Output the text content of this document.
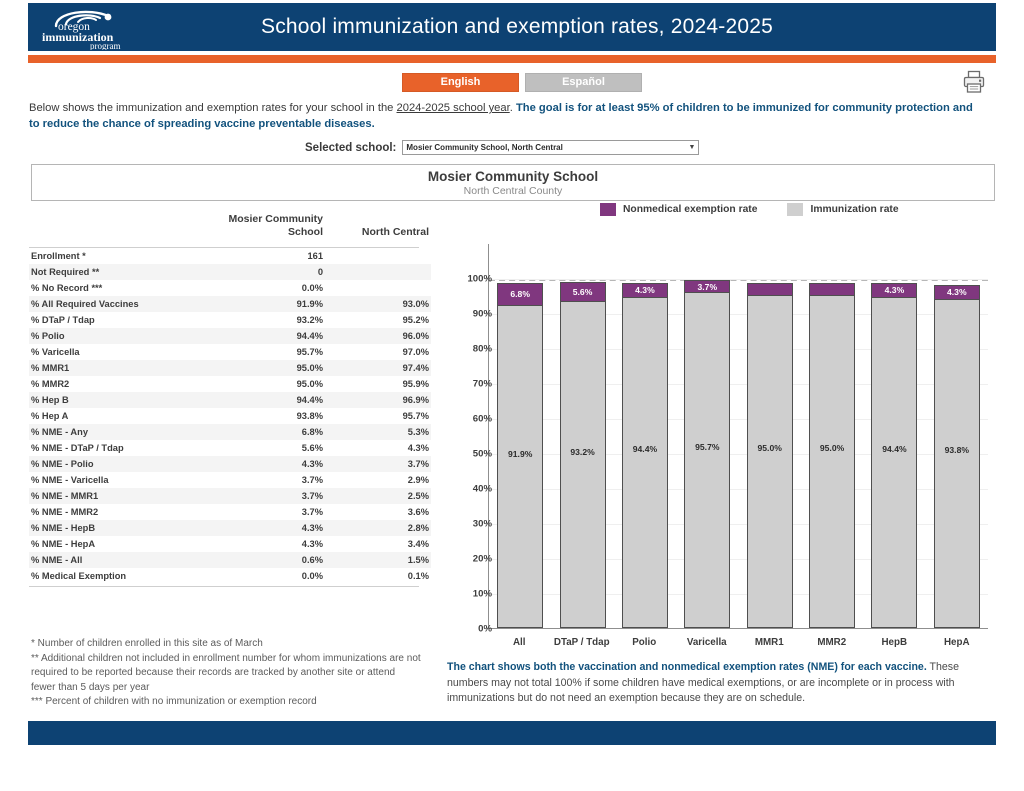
oregon
immunization
program
School immunization and exemption rates, 2024-2025
English	Español
Below shows the immunization and exemption rates for your school in the 2024-2025 school year. The goal is for at least 95% of children to be immunized for community protection and to reduce the chance of spreading vaccine preventable diseases.
Selected school: Mosier Community School, North Central	▼
Mosier Community School
North Central County
	Mosier Community School	North Central
Enrollment *	161	
Not Required **	0	
% No Record ***	0.0%	
% All Required Vaccines	91.9%	93.0%
% DTaP / Tdap	93.2%	95.2%
% Polio	94.4%	96.0%
% Varicella	95.7%	97.0%
% MMR1	95.0%	97.4%
% MMR2	95.0%	95.9%
% Hep B	94.4%	96.9%
% Hep A	93.8%	95.7%
% NME - Any	6.8%	5.3%
% NME - DTaP / Tdap	5.6%	4.3%
% NME - Polio	4.3%	3.7%
% NME - Varicella	3.7%	2.9%
% NME - MMR1	3.7%	2.5%
% NME - MMR2	3.7%	3.6%
% NME - HepB	4.3%	2.8%
% NME - HepA	4.3%	3.4%
% NME - All	0.6%	1.5%
% Medical Exemption	0.0%	0.1%
* Number of children enrolled in this site as of March
** Additional children not included in enrollment number for whom immunizations are not required to be reported because their records are tracked by another site or attend fewer than 5 days per year
*** Percent of children with no immunization or exemption record
Nonmedical exemption rate	Immunization rate
6.8%
91.9%
5.6%
93.2%
4.3%
94.4%
3.7%
95.7%	95.0%	95.0%
4.3%
94.4%
4.3%
93.8%
100%
90%
80%
70%
60%
50%
40%
30%
20%
10%
0%
All	DTaP / Tdap	Polio	Varicella	MMR1	MMR2	HepB	HepA
The chart shows both the vaccination and nonmedical exemption rates (NME) for each vaccine. These numbers may not total 100% if some children have medical exemptions, or are incomplete or in process with immunizations but do not need an exemption because they are on schedule.
